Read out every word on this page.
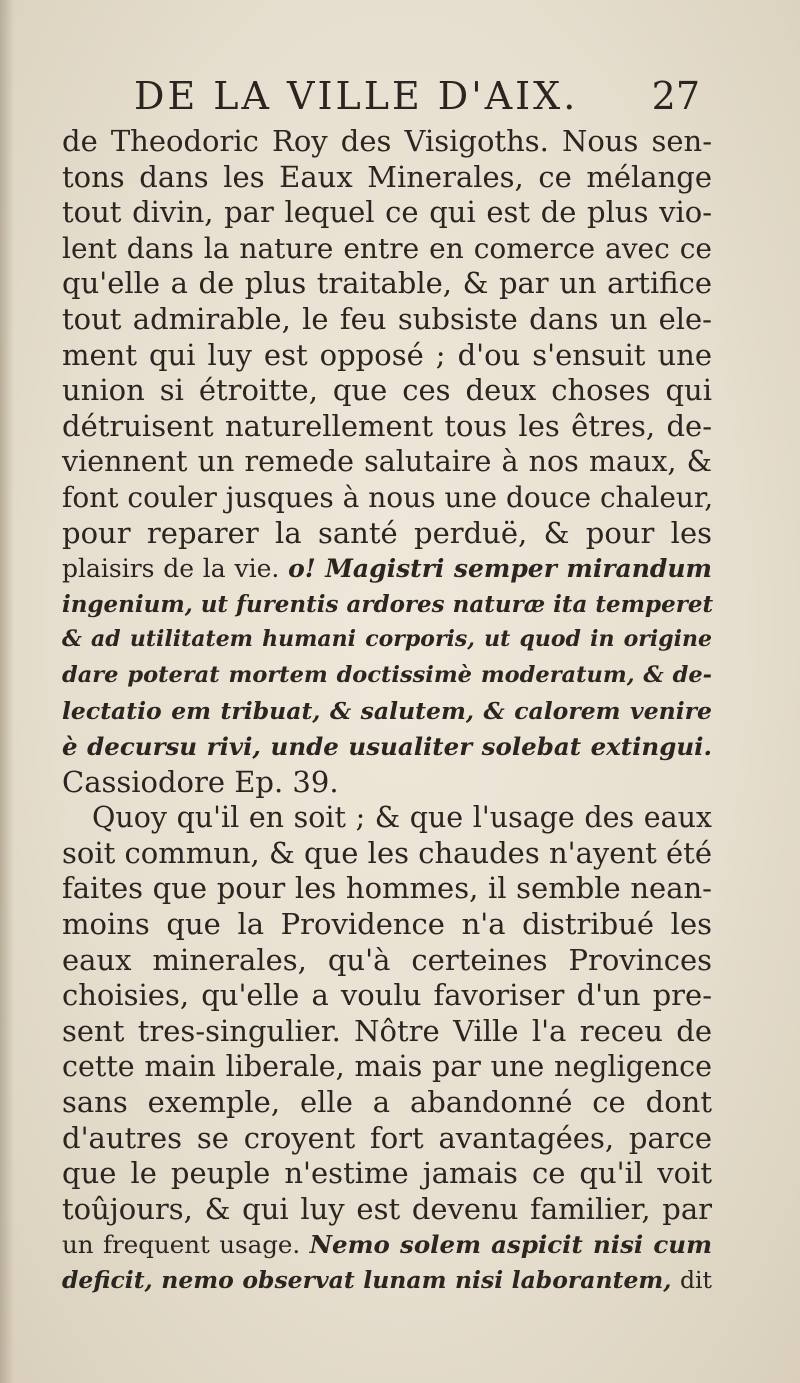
DE LA VILLE D'AIX. 27
de Theodoric Roy des Visigoths. Nous sen-
tons dans les Eaux Minerales, ce mélange
tout divin, par lequel ce qui est de plus vio-
lent dans la nature entre en comerce avec ce
qu'elle a de plus traitable, & par un artifice
tout admirable, le feu subsiste dans un ele-
ment qui luy est opposé ; d'ou s'ensuit une
union si étroitte, que ces deux choses qui
détruisent naturellement tous les êtres, de-
viennent un remede salutaire à nos maux, &
font couler jusques à nous une douce chaleur,
pour reparer la santé perduë, & pour les
plaisirs de la vie. o! Magistri semper mirandum
ingenium, ut furentis ardores naturæ ita temperet
& ad utilitatem humani corporis, ut quod in origine
dare poterat mortem doctissimè moderatum, & de-
lectatio em tribuat, & salutem, & calorem venire
è decursu rivi, unde usualiter solebat extingui.
Cassiodore Ep. 39.
Quoy qu'il en soit ; & que l'usage des eaux
soit commun, & que les chaudes n'ayent été
faites que pour les hommes, il semble nean-
moins que la Providence n'a distribué les
eaux minerales, qu'à certeines Provinces
choisies, qu'elle a voulu favoriser d'un pre-
sent tres-singulier. Nôtre Ville l'a receu de
cette main liberale, mais par une negligence
sans exemple, elle a abandonné ce dont
d'autres se croyent fort avantagées, parce
que le peuple n'estime jamais ce qu'il voit
toûjours, & qui luy est devenu familier, par
un frequent usage. Nemo solem aspicit nisi cum
deficit, nemo observat lunam nisi laborantem, dit
